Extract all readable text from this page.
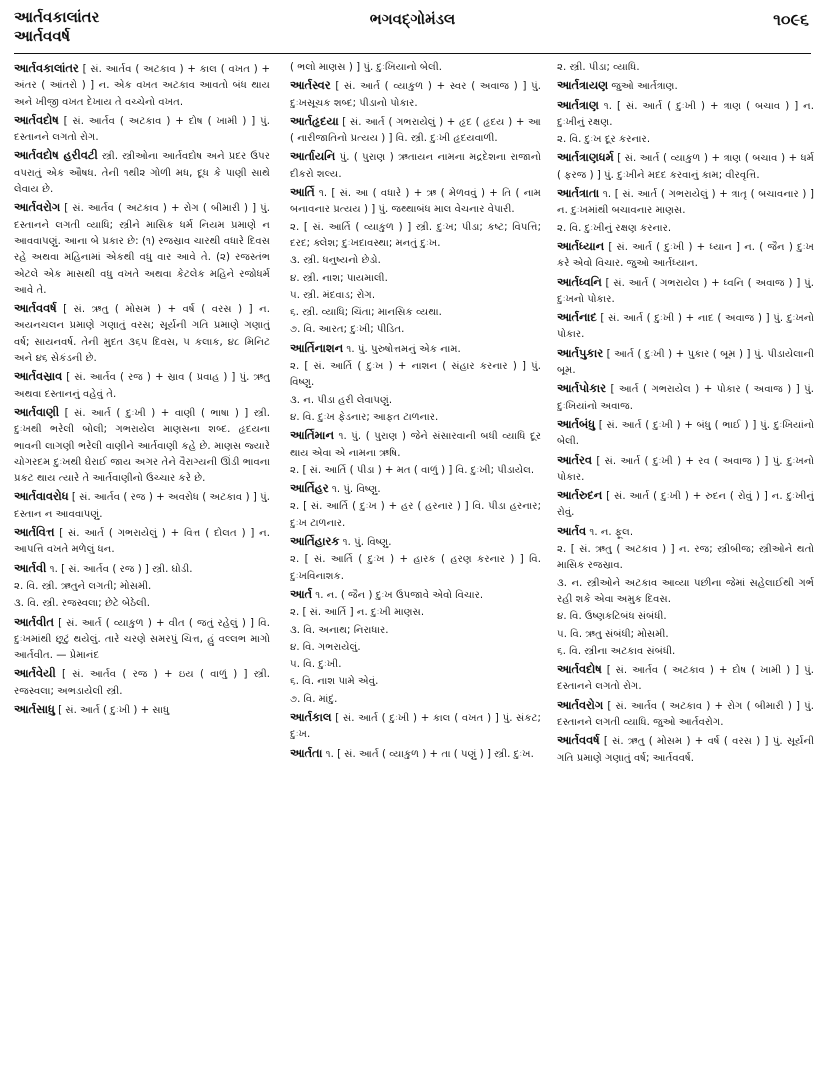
આર્તવકાલાંતર
આર્તવવર્ષ
ભગવદ્ગોમંડલ	૧૦૯૬
આર્તવકાલાંતર [ સં. આર્તવ ( અટકાવ ) + કાલ ( વખત ) + અંતર ( આંતરો ) ] ન. એક વખત અટકાવ આવતો બંધ થાય અને ખીજી વખત દેખાય તે વચ્ચેનો વખત.
આર્તવદોષ [ સં. આર્તવ ( અટકાવ ) + દોષ ( ખામી ) ] પું. દસ્તાનને લગતો રોગ.
આર્તવદોષ હરીવટી સ્ત્રી. સ્ત્રીઓના આર્તવદોષ અને પ્રદર ઉપર વપરાતું એક ઔષધ. તેની ૧થી૨ ગોળી મધ, દૂધ કે પાણી સાથે લેવાય છે.
આર્તવરોગ [ સં. આર્તવ ( અટકાવ ) + રોગ ( બીમારી ) ] પું. દસ્તાનને લગતી વ્યાધિ; સ્ત્રીને માસિક ધર્મ નિયમ પ્રમાણે ન આવવાપણું. આના બે પ્રકાર છે: (૧) રજસ્રાવ ચારથી વધારે દિવસ રહે અથવા મહિનામાં એકથી વધુ વાર આવે તે. (૨) રજસ્તંભ એટલે એક માસથી વધુ વખતે અથવા કેટલેક મહિને રજોધર્મ આવે તે.
આર્તવવર્ષ [ સં. ઋતુ ( મોસમ ) + વર્ષ ( વરસ ) ] ન. અયનચલન પ્રમાણે ગણાતું વરસ; સૂર્યની ગતિ પ્રમાણે ગણાતું વર્ષ; સાયનવર્ષ. તેની મુદત ૩૬૫ દિવસ, ૫ કલાક, ૪૮ મિનિટ અને ૪૬ સેકંડની છે.
આર્તવસ્રાવ [ સં. આર્તવ ( રજ ) + સ્રાવ ( પ્રવાહ ) ] પું. ઋતુ અથવા દસ્તાનનું વહેવું તે.
આર્તવાણી [ સં. આર્ત ( દુઃખી ) + વાણી ( ભાષા ) ] સ્ત્રી. દુઃખથી ભરેલી બોલી; ગભરાયેલ માણસના શબ્દ. હૃદયના ભાવની લાગણી ભરેલી વાણીને આર્તવાણી કહે છે. માણસ જ્યારે ચોગરદમ દુઃખથી ઘેરાઈ જાય અગર તેને વૈરાગ્યની ઊંડી ભાવના પ્રકટ થાય ત્યારે તે આર્તવાણીનો ઉચ્ચાર કરે છે.
આર્તવાવરોધ [ સં. આર્તવ ( રજ ) + અવરોધ ( અટકાવ ) ] પું. દસ્તાન ન આવવાપણું.
આર્તવિત્ત [ સં. આર્ત ( ગભરાયેલું ) + વિત્ત ( દોલત ) ] ન. આપત્તિ વખતે મળેલું ધન.
આર્તવી ૧. [ સં. આર્તવ ( રજ ) ] સ્ત્રી. ઘોડી.
૨. વિ. સ્ત્રી. ઋતુને લગતી; મોસમી.
૩. વિ. સ્ત્રી. રજસ્વલા; છેટે બેઠેલી.
આર્તવીત [ સં. આર્ત ( વ્યાકુળ ) + વીત ( જતું રહેલું ) ] વિ. દુઃખમાંથી છૂટું થયેલું. તારે ચરણે સમરપું ચિત્ત, હું વલ્લભ માગો આર્તવીત. — પ્રેમાનંદ
આર્તવેયી [ સં. આર્તવ ( રજ ) + ઇય ( વાળું ) ] સ્ત્રી. રજસ્વલા; અભડાયેલી સ્ત્રી.
આર્તસાધુ [ સં. આર્ત ( દુઃખી ) + સાધુ
( ભલો માણસ ) ] પું. દુઃખિયાનો બેલી.
આર્તસ્વર [ સં. આર્ત ( વ્યાકુળ ) + સ્વર ( અવાજ ) ] પું. દુઃખસૂચક શબ્દ; પીડાનો પોકાર.
આર્તહૃદયા [ સં. આર્ત ( ગભરાયેલું ) + હૃદ ( હૃદય ) + આ ( નારીજાતિનો પ્રત્યય ) ] વિ. સ્ત્રી. દુઃખી હૃદયવાળી.
આર્તાયનિ પું. ( પુરાણ ) ઋતાયન નામના મદ્રદેશના રાજાનો દીકરો શલ્ય.
આર્તિ ૧. [ સં. આ ( વધારે ) + ઋ ( મેળવવું ) + તિ ( નામ બનાવનાર પ્રત્યય ) ] પું. જથ્થાબંધ માલ વેચનાર વેપારી.
૨. [ સં. આર્તિ ( વ્યાકુળ ) ] સ્ત્રી. દુઃખ; પીડા; કષ્ટ; વિપત્તિ; દરદ; ક્લેશ; દુઃખદાવસ્થા; મનતું દુઃખ.
૩. સ્ત્રી. ધનુષ્યનો છેડો.
૪. સ્ત્રી. નાશ; પાયમાલી.
૫. સ્ત્રી. મંદવાડ; રોગ.
૬. સ્ત્રી. વ્યાધિ; ચિંતા; માનસિક વ્યથા.
૭. વિ. આરત; દુઃખી; પીડિત.
આર્તિનાશન ૧. પું. પુરુષોત્તમનું એક નામ.
૨. [ સં. આર્તિ ( દુઃખ ) + નાશન ( સંહાર કરનાર ) ] પું. વિષ્ણુ.
૩. ન. પીડા હરી લેવાપણું.
૪. વિ. દુઃખ ફેડનાર; આફત ટાળનાર.
આર્તિમાન ૧. પું. ( પુરાણ ) જેને સંસારવાની બધી વ્યાધિ દૂર થાય એવા એ નામના ઋષિ.
૨. [ સં. આર્તિ ( પીડા ) + મત ( વાળું ) ] વિ. દુઃખી; પીડાયેલ.
આર્તિહર ૧. પું. વિષ્ણુ.
૨. [ સં. આર્તિ ( દુઃખ ) + હર ( હરનાર ) ] વિ. પીડા હરનાર; દુઃખ ટાળનાર.
આર્તિહારક ૧. પું. વિષ્ણુ.
૨. [ સં. આર્તિ ( દુઃખ ) + હારક ( હરણ કરનાર ) ] વિ. દુઃખવિનાશક.
આર્ત ૧. ન. ( જૈન ) દુઃખ ઉપજાવે એવો વિચાર.
૨. [ સં. આર્તિ ] ન. દુઃખી માણસ.
૩. વિ. અનાથ; નિરાધાર.
૪. વિ. ગભરાયેલું.
૫. વિ. દુઃખી.
૬. વિ. નાશ પામે એવું.
૭. વિ. માંદું.
આર્તકાલ [ સં. આર્ત ( દુઃખી ) + કાલ ( વખત ) ] પું. સંકટ; દુઃખ.
આર્તતા ૧. [ સં. આર્ત ( વ્યાકુળ ) + તા ( પણું ) ] સ્ત્રી. દુઃખ.
૨. સ્ત્રી. પીડા; વ્યાધિ.
આર્તત્રાયણ જુઓ આર્તત્રાણ.
આર્તત્રાણ ૧. [ સં. આર્ત ( દુઃખી ) + ત્રાણ ( બચાવ ) ] ન. દુઃખીનું રક્ષણ.
૨. વિ. દુઃખ દૂર કરનાર.
આર્તત્રાણધર્મ [ સં. આર્ત ( વ્યાકુળ ) + ત્રાણ ( બચાવ ) + ધર્મ ( ફરજ ) ] પું. દુઃખીને મદદ કરવાનું કામ; વીરવૃત્તિ.
આર્તત્રાતા ૧. [ સં. આર્ત ( ગભરાયેલું ) + ત્રાતૃ ( બચાવનાર ) ] ન. દુઃખમાંથી બચાવનાર માણસ.
૨. વિ. દુઃખીનું રક્ષણ કરનાર.
આર્તધ્યાન [ સં. આર્ત ( દુઃખી ) + ધ્યાન ] ન. ( જૈન ) દુઃખ કરે એવો વિચાર. જુઓ આર્તધ્યાન.
આર્તધ્વનિ [ સં. આર્ત ( ગભરાયેલ ) + ધ્વનિ ( અવાજ ) ] પું. દુઃખનો પોકાર.
આર્તનાદ [ સં. આર્ત ( દુઃખી ) + નાદ ( અવાજ ) ] પું. દુઃખનો પોકાર.
આર્તપુકાર [ આર્ત ( દુઃખી ) + પુકાર ( બૂમ ) ] પું. પીડાયેલાની બૂમ.
આર્તપોકાર [ આર્ત ( ગભરાયેલ ) + પોકાર ( અવાજ ) ] પું. દુઃખિયાંનો અવાજ.
આર્તબંધુ [ સં. આર્ત ( દુઃખી ) + બંધુ ( ભાઈ ) ] પું. દુઃખિયાંનો બેલી.
આર્તરવ [ સં. આર્ત ( દુઃખી ) + રવ ( અવાજ ) ] પું. દુઃખનો પોકાર.
આર્તરુદન [ સં. આર્ત ( દુઃખી ) + રુદન ( રોવું ) ] ન. દુઃખીનું રોવું.
આર્તવ ૧. ન. ફૂલ.
૨. [ સં. ઋતુ ( અટકાવ ) ] ન. રજ; સ્ત્રીબીજ; સ્ત્રીઓને થતો માસિક રજસ્રાવ.
૩. ન. સ્ત્રીઓને અટકાવ આવ્યા પછીના જેમાં સહેલાઈથી ગર્ભ રહી શકે એવા અમુક દિવસ.
૪. વિ. ઉષ્ણકટિબંધ સંબંધી.
૫. વિ. ઋતુ સંબંધી; મોસમી.
૬. વિ. સ્ત્રીના અટકાવ સંબંધી.
આર્તવદોષ [ સં. આર્તવ ( અટકાવ ) + દોષ ( ખામી ) ] પું. દસ્તાનને લગતો રોગ.
આર્તવરોગ [ સં. આર્તવ ( અટકાવ ) + રોગ ( બીમારી ) ] પું. દસ્તાનને લગતી વ્યાધિ. જુઓ આર્તવરોગ.
આર્તવવર્ષ [ સં. ઋતુ ( મોસમ ) + વર્ષ ( વરસ ) ] પું. સૂર્યની ગતિ પ્રમાણે ગણાતું વર્ષ; આર્તવવર્ષ.
